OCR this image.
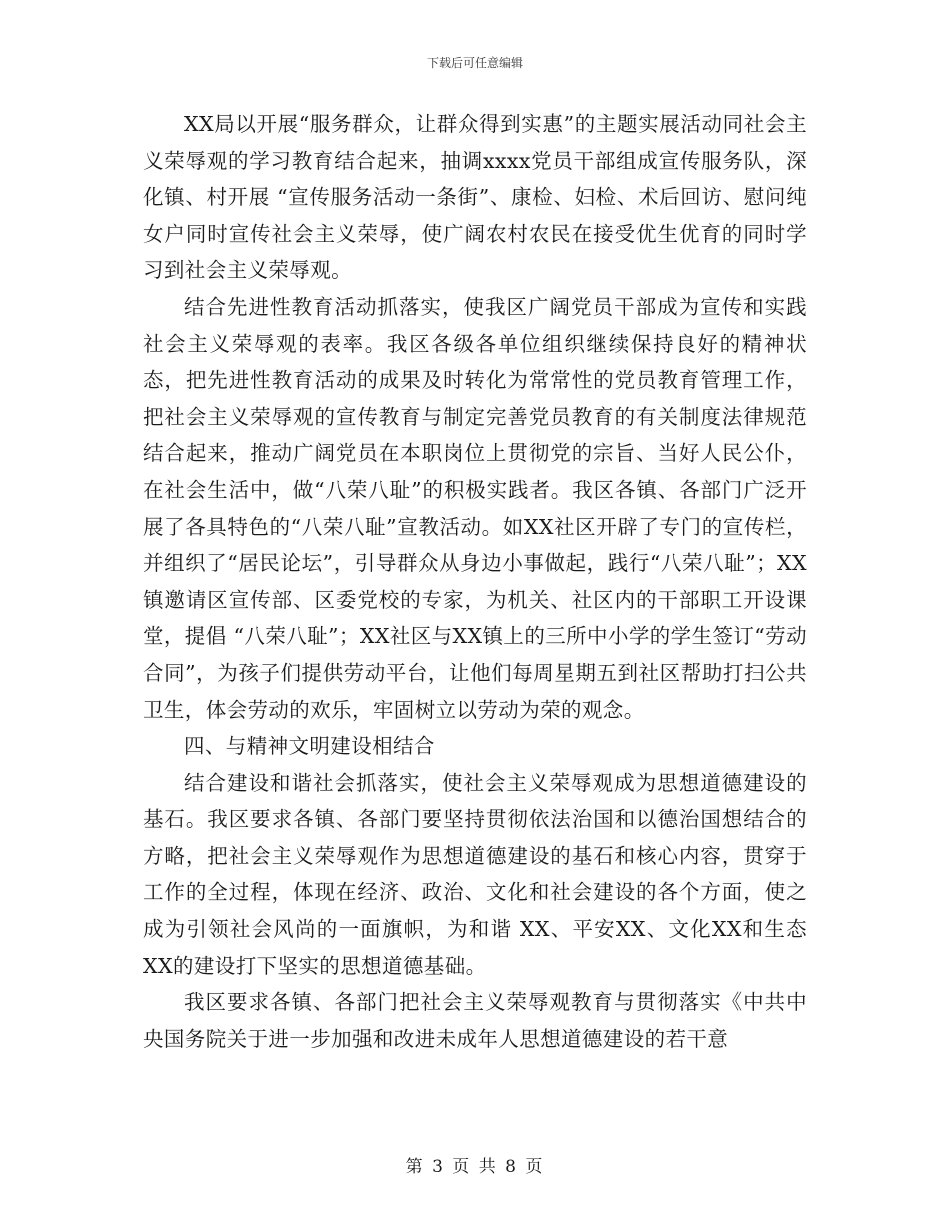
下载后可任意编辑

XX局以开展“服务群众，让群众得到实惠”的主题实展活动同社会主义荣辱观的学习教育结合起来，抽调xxxx党员干部组成宣传服务队，深化镇、村开展 “宣传服务活动一条街”、康检、妇检、术后回访、慰问纯女户同时宣传社会主义荣辱，使广阔农村农民在接受优生优育的同时学习到社会主义荣辱观。

结合先进性教育活动抓落实，使我区广阔党员干部成为宣传和实践社会主义荣辱观的表率。我区各级各单位组织继续保持良好的精神状态，把先进性教育活动的成果及时转化为常常性的党员教育管理工作，把社会主义荣辱观的宣传教育与制定完善党员教育的有关制度法律规范结合起来，推动广阔党员在本职岗位上贯彻党的宗旨、当好人民公仆，在社会生活中，做“八荣八耻”的积极实践者。我区各镇、各部门广泛开展了各具特色的“八荣八耻”宣教活动。如XX社区开辟了专门的宣传栏，并组织了“居民论坛”，引导群众从身边小事做起，践行“八荣八耻”；XX镇邀请区宣传部、区委党校的专家，为机关、社区内的干部职工开设课堂，提倡 “八荣八耻”；XX社区与XX镇上的三所中小学的学生签订“劳动合同”，为孩子们提供劳动平台，让他们每周星期五到社区帮助打扫公共卫生，体会劳动的欢乐，牢固树立以劳动为荣的观念。

四、与精神文明建设相结合

结合建设和谐社会抓落实，使社会主义荣辱观成为思想道德建设的基石。我区要求各镇、各部门要坚持贯彻依法治国和以德治国想结合的方略，把社会主义荣辱观作为思想道德建设的基石和核心内容，贯穿于工作的全过程，体现在经济、政治、文化和社会建设的各个方面，使之成为引领社会风尚的一面旗帜，为和谐 XX、平安XX、文化XX和生态XX的建设打下坚实的思想道德基础。

我区要求各镇、各部门把社会主义荣辱观教育与贯彻落实《中共中央国务院关于进一步加强和改进未成年人思想道德建设的若干意

第 3 页 共 8 页
